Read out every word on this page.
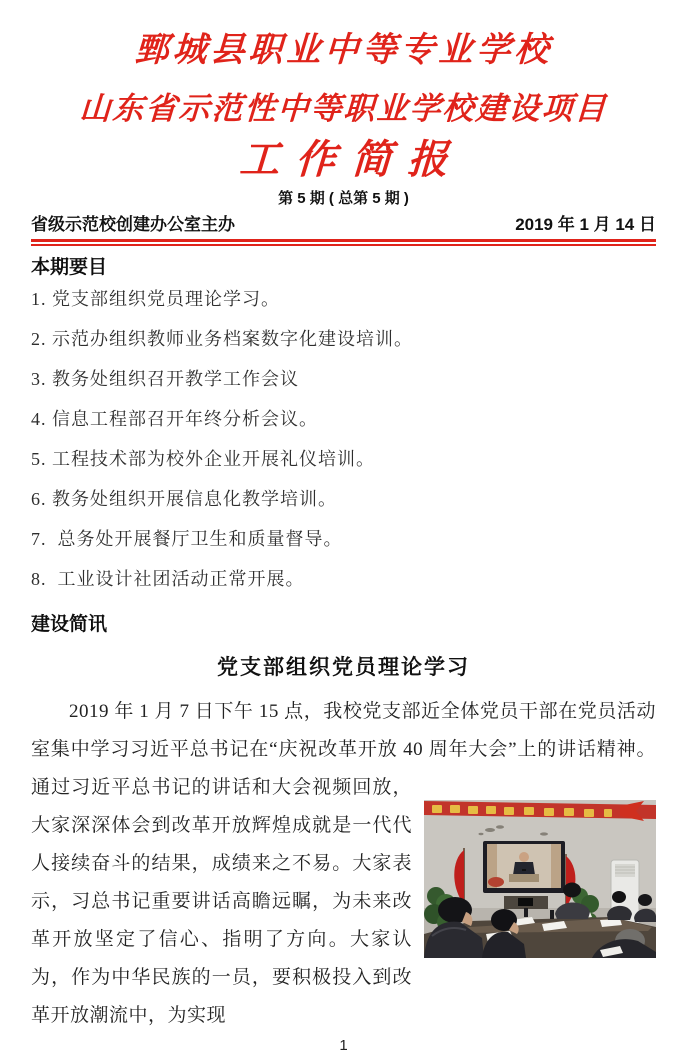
鄄城县职业中等专业学校
山东省示范性中等职业学校建设项目
工作简报
第 5 期 ( 总第 5 期 )
省级示范校创建办公室主办	2019 年 1 月 14 日
本期要目
1. 党支部组织党员理论学习。
2. 示范办组织教师业务档案数字化建设培训。
3. 教务处组织召开教学工作会议
4. 信息工程部召开年终分析会议。
5. 工程技术部为校外企业开展礼仪培训。
6. 教务处组织开展信息化教学培训。
7.  总务处开展餐厅卫生和质量督导。
8.  工业设计社团活动正常开展。
建设简讯
党支部组织党员理论学习
2019 年 1 月 7 日下午 15 点，我校党支部近全体党员干部在党员活动室集中学习习近平总书记在“庆祝改革开放 40 周年大会”上的讲话精神。通过习近平总书记的讲话和大会视频回放，大家深深体会到改革开放辉煌成就是一代代人接续奋斗的结果，成绩来之不易。大家表示，习总书记重要讲话高瞻远瞩，为未来改革开放坚定了信心、指明了方向。大家认为，作为中华民族的一员，要积极投入到改革开放潮流中，为实现
1
